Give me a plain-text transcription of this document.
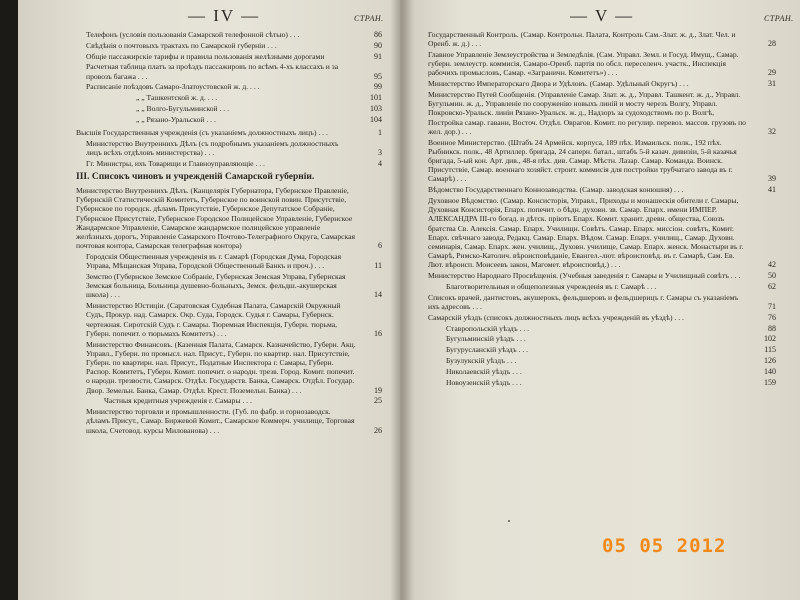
— IV —	СТРАН.
Телефонъ (условія пользованія Самарской телефонной сѣтью) . . .	86
Свѣдѣнія о почтовыхъ трактахъ по Самарской губерніи . . .	90
Общіе пассажирскіе тарифы и правила пользованія желѣзными дорогами	91
Расчетная таблица платъ за проѣздъ пассажировъ по всѣмъ 4-хъ классахъ и за провозъ багажа . . .	95
Расписаніе поѣздовъ Самаро-Златоустовской ж. д. . . .	99
„ „ Ташкентской ж. д. . . .	101
„ „ Волго-Бугульминской . . .	103
„ „ Рязано-Уральской . . .	104
Высшія Государственныя учрежденія (съ указаніемъ должностныхъ лицъ) . . .	1
Министерство Внутреннихъ Дѣлъ (съ подробнымъ указаніемъ должностныхъ лицъ всѣхъ отдѣловъ министерства) . . .	3
Гг. Министры, ихъ Товарищи и Главноуправляющіе . . .	4
III. Списокъ чиновъ и учрежденій Самарской губерніи.
Министерство Внутреннихъ Дѣлъ. (Канцелярія Губернатора, Губернское Правленіе, Губернскій Статистическій Комитетъ, Губернское по воинской повин. Присутствіе, Губернское по городск. дѣламъ Присутствіе, Губернское Депутатское Собраніе, Губернское Присутствіе, Губернское Городское Полицейское Управленіе, Губернское Жандармское Управленіе, Самарское жандармское полицейское управленіе желѣзныхъ дорогъ, Управленіе Самарского Почтово-Телеграфного Округа, Самарская почтовая контора, Самарская телеграфная контора)	6
Городскія Общественныя учрежденія въ г. Самарѣ (Городская Дума, Городская Управа, Мѣщанская Управа, Городской Общественный Банкъ и проч.) . . .	11
Земство (Губернское Земское Собраніе, Губернская Земская Управа, Губернская Земская больница, Больница душевно-больныхъ, Земск. фельдш.-акушерская школа) . . .	14
Министерство Юстиціи. (Саратовская Судебная Палата, Самарскій Окружный Судъ, Прокур. над. Самарск. Окр. Суда, Городск. Судья г. Самары, Губернск. чертежная. Сиротскій Судъ г. Самары. Тюремная Инспекція, Губерн. тюрьма, Губерн. попечит. о тюрьмахъ Комитетъ) . . .	16
Министерство Финансовъ. (Казенная Палата, Самарск. Казначейство, Губерн. Акц. Управл., Губерн. по промысл. нал. Присут., Губерн. по квартир. нал. Присутствіе, Губерн. по квартирн. нал. Присут., Податные Инспектора г. Самары, Губерн. Распор. Комитетъ, Губерн. Комит. попечит. о народн. трезв. Город. Комит. попечит. о народн. трезвости, Самарск. Отдѣл. Государств. Банка, Самарск. Отдѣл. Государ. Двор. Земельн. Банка, Самар. Отдѣл. Крест. Поземельн. Банка) . . .	19
Частныя кредитныя учрежденія г. Самары . . .	25
Министерство торговли и промышленности. (Губ. по фабр. и горнозаводск. дѣламъ Присут., Самар. Биржевой Комит., Самарское Коммерч. училище, Торговая школа, Счетовод. курсы Милованова) . . .	26
— V —	СТРАН.
Государственный Контроль. (Самар. Контрольн. Палата, Контроль Сам.-Злат. ж. д., Злат. Чел. и Оренб. ж. д.) . . .	28
Главное Управленіе Землеустройства и Земледѣлія. (Сам. Управл. Земл. и Госуд. Имущ., Самар. губерн. землеустр. коммисія, Самаро-Оренб. партія по обсл. переселенч. участк., Инспекція рабочихъ промысловъ, Самар. «Заграничн. Комитетъ») . . .	29
Министерство Императорскаго Двора и Удѣловъ. (Самар. Удѣльный Округъ) . . .	31
Министерство Путей Сообщенія. (Управленіе Самар. Злат. ж. д., Управл. Ташкент. ж. д., Управл. Бугульмин. ж. д., Управленіе по сооруженію новыхъ линій и мосту черезъ Волгу, Управл. Покровско-Уральск. линіи Рязано-Уральск. ж. д., Надзоръ за судоходствомъ по р. Волгѣ, Постройка самар. гавани, Восточ. Отдѣл. Оврагов. Комит. по регулир. перевоз. массов. грузовъ по жел. дор.) . . .	32
Военное Министерство. (Штабъ 24 Армейск. корпуса, 189 пѣх. Измаильск. полк., 192 пѣх. Рыбникск. полк., 48 Артиллер. бригада, 24 саперн. батал., штабъ 5-й казач. дивизіи, 5-й казачья бригада, 5-ый кон. Арт. див., 48-я пѣх. див. Самар. Мѣстн. Лазар. Самар. Команда. Воинск. Присутствіе, Самар. военнаго хозяйст. строит. коммисія для постройки трубчатаго завода въ г. Самарѣ) . . .	39
Вѣдомство Государственнаго Коннозаводства. (Самар. заводская конюшня) . . .	41
Духовное Вѣдомство. (Самар. Консисторія, Управл., Приходы и монашескія обители г. Самары, Духовная Консисторія, Епарх. попечит. о бѣдн. духовн. зв. Самар. Епарх. имени ИМПЕР. АЛЕКСАНДРА III-го богад. и дѣтск. пріютъ Епарх. Комит. хранит. древн. общества, Союзъ братства Св. Алексія. Самар. Епарх. Училищн. Совѣтъ. Самар. Епарх. миссіон. совѣтъ, Комит. Епарх. свѣчнаго завода, Редакц. Самар. Епарх. Вѣдом. Самар. Епарх. училищ., Самар. Духовн. семинарія, Самар. Епарх. жен. училищ., Духовн. училище, Самар. Епарх. женск. Монастыри въ г. Самарѣ, Римско-Католич. вѣроисповѣданіе, Евангел.-лют. вѣроисповѣд. въ г. Самарѣ, Сам. Ев. Лют. вѣроисп. Моисеевъ закон, Магомет. вѣроисповѣд.) . . .	42
Министерство Народнаго Просвѣщенія. (Учебныя заведенія г. Самары и Училищный совѣтъ . . .	50
Благотворительныя и общеполезныя учрежденія въ г. Самарѣ . . .	62
Списокъ врачей, дантистовъ, акушерокъ, фельдшеровъ и фельдшерицъ г. Самары съ указаніемъ ихъ адресовъ . . .	71
Самарскій уѣздъ (списокъ должностныхъ лицъ всѣхъ учрежденій въ уѣздѣ) . . .	76
Ставропольскій уѣздъ . . .	88
Бугульминскій уѣздъ . . .	102
Бугурусланскій уѣздъ . . .	115
Бузулукскій уѣздъ . . .	126
Николаевскій уѣздъ . . .	140
Новоузенскій уѣздъ . . .	159
05 05 2012
